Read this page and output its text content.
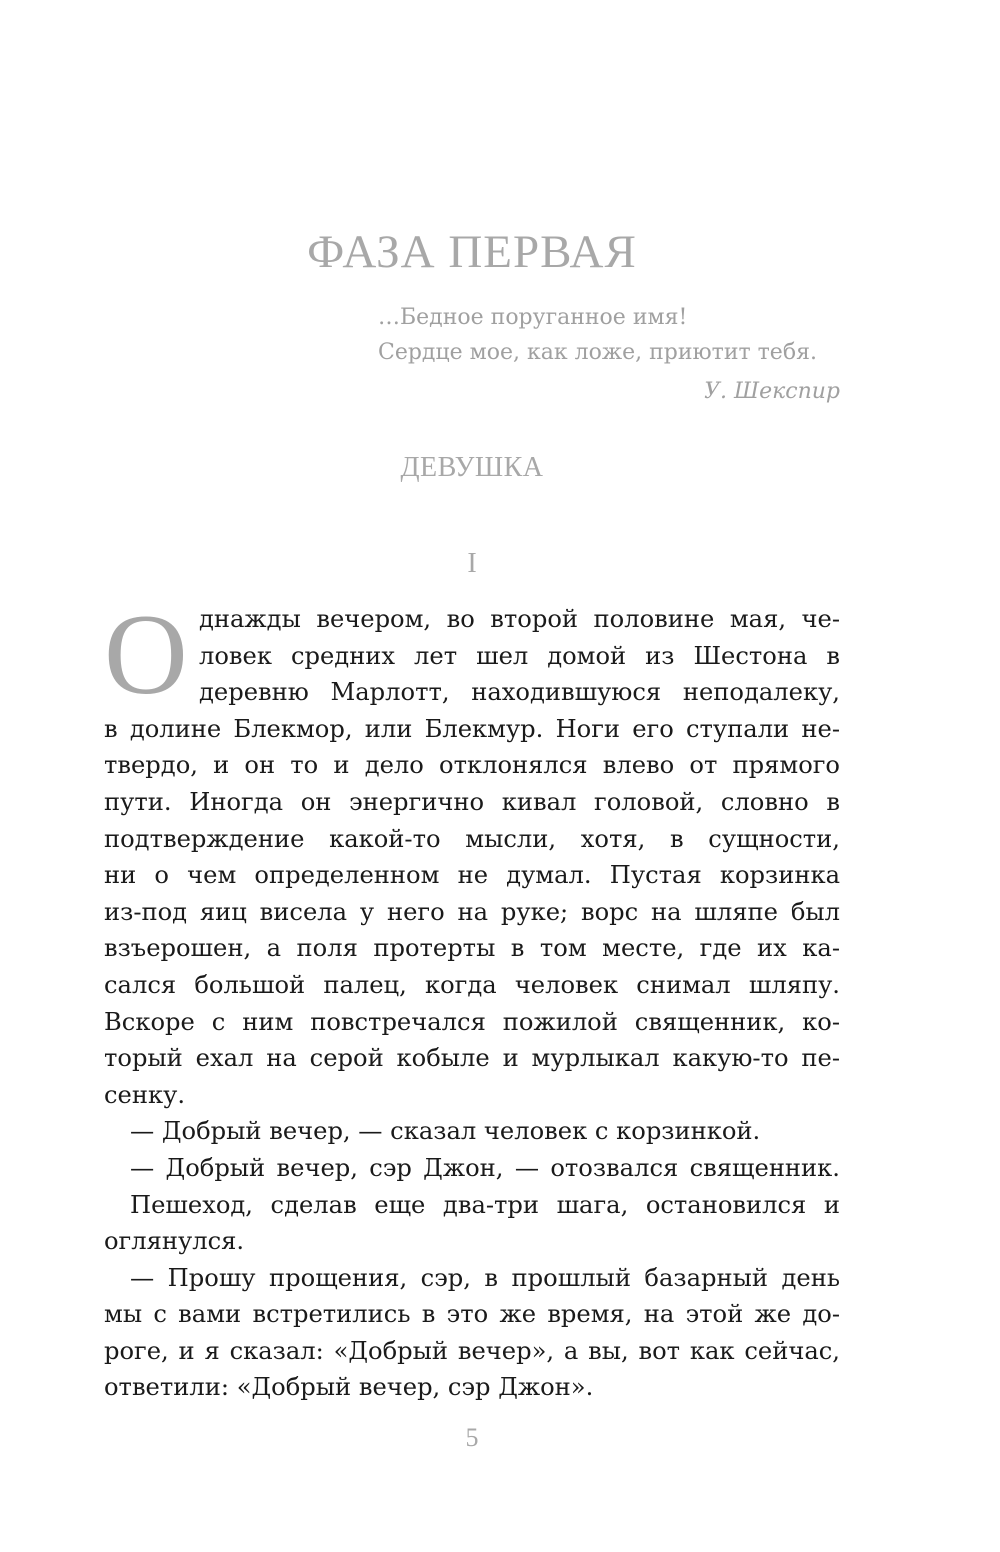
ФАЗА ПЕРВАЯ
…Бедное поруганное имя!
Сердце мое, как ложе, приютит тебя.
У. Шекспир
ДЕВУШКА
I
О днажды вечером, во второй половине мая, че-
ловек средних лет шел домой из Шестона в
деревню Марлотт, находившуюся неподалеку,
в долине Блекмор, или Блекмур. Ноги его ступали не-
твердо, и он то и дело отклонялся влево от прямого
пути. Иногда он энергично кивал головой, словно в
подтверждение какой-то мысли, хотя, в сущности,
ни о чем определенном не думал. Пустая корзинка
из-под яиц висела у него на руке; ворс на шляпе был
взъерошен, а поля протерты в том месте, где их ка-
сался большой палец, когда человек снимал шляпу.
Вскоре с ним повстречался пожилой священник, ко-
торый ехал на серой кобыле и мурлыкал какую-то пе-
сенку.
— Добрый вечер, — сказал человек с корзинкой.
— Добрый вечер, сэр Джон, — отозвался священник.
Пешеход, сделав еще два-три шага, остановился и
оглянулся.
— Прошу прощения, сэр, в прошлый базарный день
мы с вами встретились в это же время, на этой же до-
роге, и я сказал: «Добрый вечер», а вы, вот как сейчас,
ответили: «Добрый вечер, сэр Джон».
5
